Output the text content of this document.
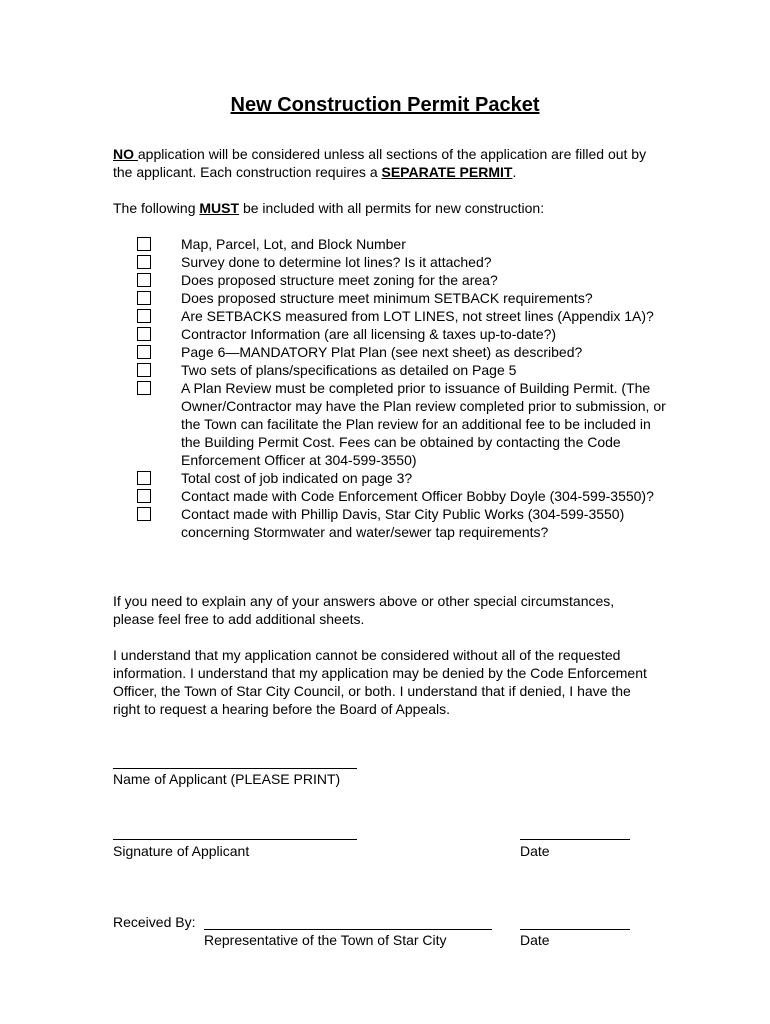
New Construction Permit Packet
NO application will be considered unless all sections of the application are filled out by the applicant. Each construction requires a SEPARATE PERMIT.
The following MUST be included with all permits for new construction:
Map, Parcel, Lot, and Block Number
Survey done to determine lot lines? Is it attached?
Does proposed structure meet zoning for the area?
Does proposed structure meet minimum SETBACK requirements?
Are SETBACKS measured from LOT LINES, not street lines (Appendix 1A)?
Contractor Information (are all licensing & taxes up-to-date?)
Page 6—MANDATORY Plat Plan (see next sheet) as described?
Two sets of plans/specifications as detailed on Page 5
A Plan Review must be completed prior to issuance of Building Permit. (The Owner/Contractor may have the Plan review completed prior to submission, or the Town can facilitate the Plan review for an additional fee to be included in the Building Permit Cost. Fees can be obtained by contacting the Code Enforcement Officer at 304-599-3550)
Total cost of job indicated on page 3?
Contact made with Code Enforcement Officer Bobby Doyle (304-599-3550)?
Contact made with Phillip Davis, Star City Public Works (304-599-3550) concerning Stormwater and water/sewer tap requirements?
If you need to explain any of your answers above or other special circumstances, please feel free to add additional sheets.
I understand that my application cannot be considered without all of the requested information. I understand that my application may be denied by the Code Enforcement Officer, the Town of Star City Council, or both. I understand that if denied, I have the right to request a hearing before the Board of Appeals.
Name of Applicant (PLEASE PRINT)
Signature of Applicant	Date
Received By:
Representative of the Town of Star City	Date
